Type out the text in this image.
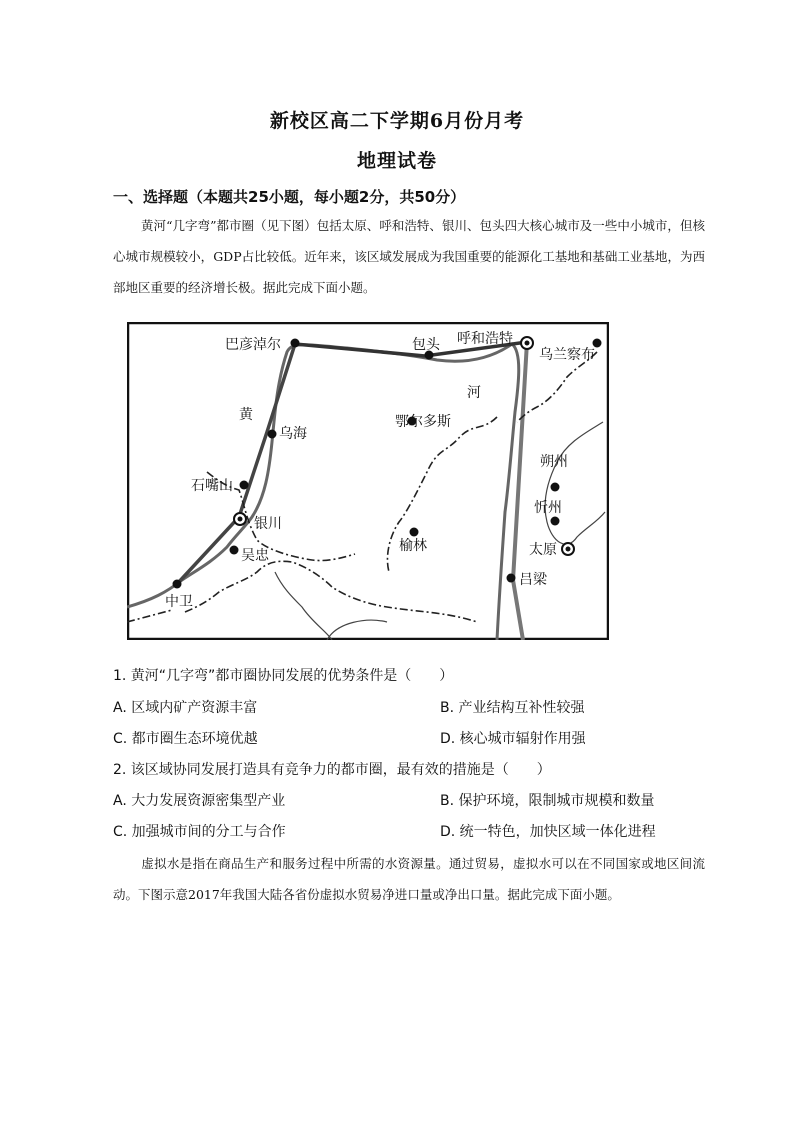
新校区高二下学期6月份月考
地理试卷
一、选择题（本题共25小题，每小题2分，共50分）
黄河“几字弯”都市圈（见下图）包括太原、呼和浩特、银川、包头四大核心城市及一些中小城市，但核心城市规模较小，GDP占比较低。近年来，该区域发展成为我国重要的能源化工基地和基础工业基地，为西部地区重要的经济增长极。据此完成下面小题。
巴彦淖尔	包头 呼和浩特
乌兰察布
河
黄
乌海
鄂尔多斯
朔州
石嘴山
忻州
银川
太原
榆林
吴忠
吕梁
中卫
1. 黄河“几字弯”都市圈协同发展的优势条件是（　　）
A. 区域内矿产资源丰富	B. 产业结构互补性较强
C. 都市圈生态环境优越	D. 核心城市辐射作用强
2. 该区域协同发展打造具有竞争力的都市圈，最有效的措施是（　　）
A. 大力发展资源密集型产业	B. 保护环境，限制城市规模和数量
C. 加强城市间的分工与合作	D. 统一特色，加快区域一体化进程
虚拟水是指在商品生产和服务过程中所需的水资源量。通过贸易，虚拟水可以在不同国家或地区间流动。下图示意2017年我国大陆各省份虚拟水贸易净进口量或净出口量。据此完成下面小题。
